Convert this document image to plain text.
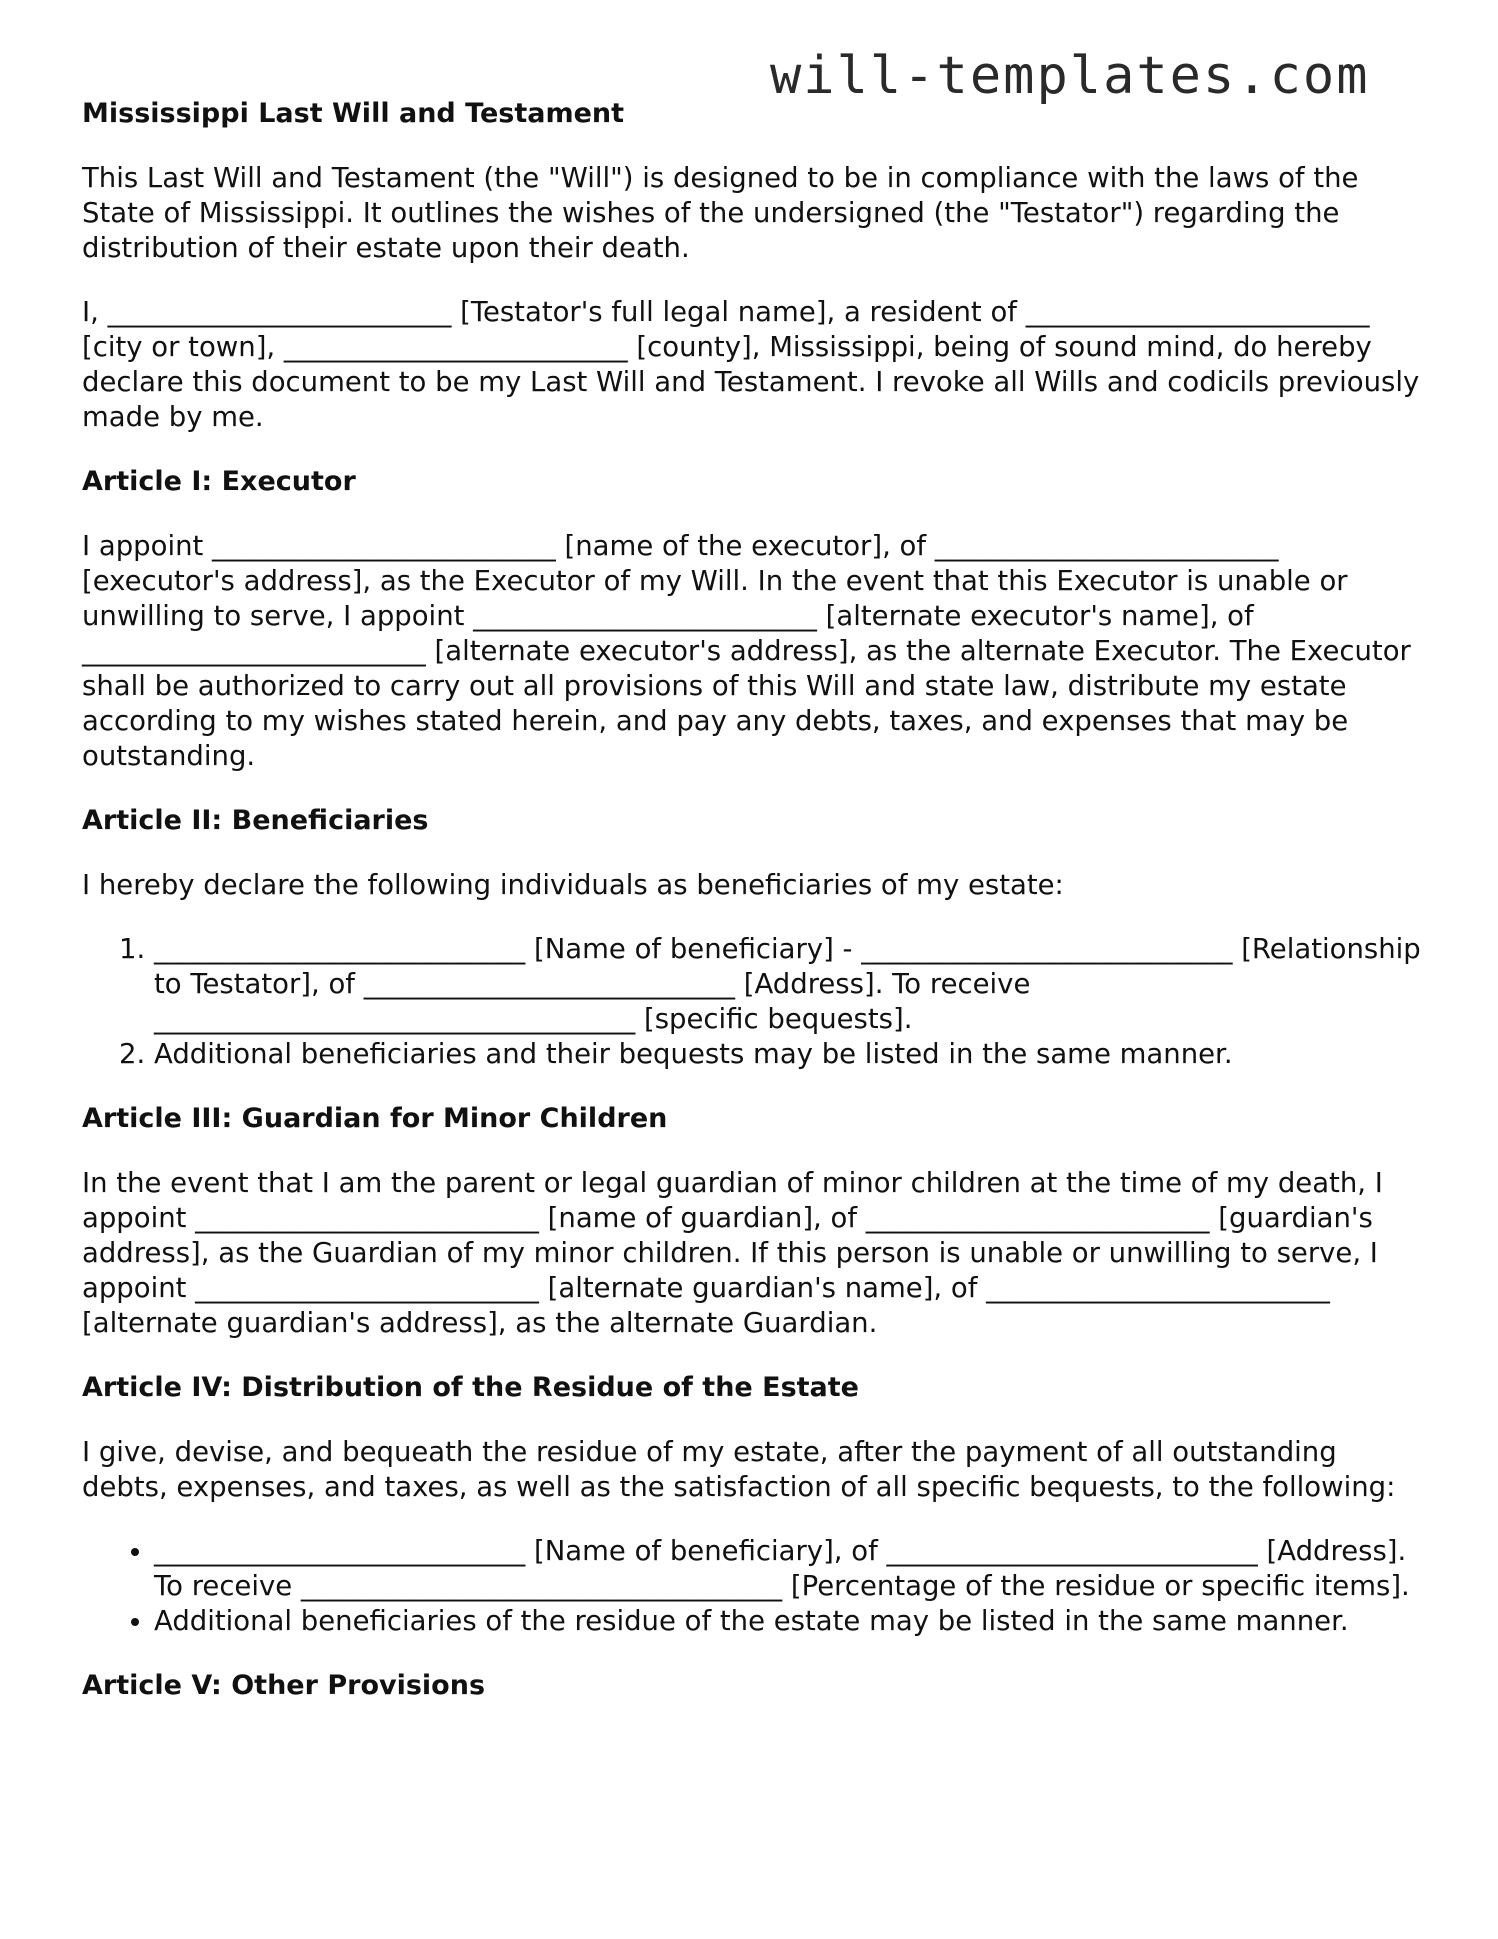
will-templates.com
Mississippi Last Will and Testament

This Last Will and Testament (the "Will") is designed to be in compliance with the laws of the State of Mississippi. It outlines the wishes of the undersigned (the "Testator") regarding the distribution of their estate upon their death.

I, _________________________ [Testator's full legal name], a resident of _________________________ [city or town], _________________________ [county], Mississippi, being of sound mind, do hereby declare this document to be my Last Will and Testament. I revoke all Wills and codicils previously made by me.

Article I: Executor

I appoint _________________________ [name of the executor], of _________________________ [executor's address], as the Executor of my Will. In the event that this Executor is unable or unwilling to serve, I appoint _________________________ [alternate executor's name], of _________________________ [alternate executor's address], as the alternate Executor. The Executor shall be authorized to carry out all provisions of this Will and state law, distribute my estate according to my wishes stated herein, and pay any debts, taxes, and expenses that may be outstanding.

Article II: Beneficiaries

I hereby declare the following individuals as beneficiaries of my estate:

1. ___________________________ [Name of beneficiary] - ___________________________ [Relationship to Testator], of ___________________________ [Address]. To receive ___________________________________ [specific bequests].
2. Additional beneficiaries and their bequests may be listed in the same manner.
Article III: Guardian for Minor Children

In the event that I am the parent or legal guardian of minor children at the time of my death, I appoint _________________________ [name of guardian], of _________________________ [guardian's address], as the Guardian of my minor children. If this person is unable or unwilling to serve, I appoint _________________________ [alternate guardian's name], of _________________________ [alternate guardian's address], as the alternate Guardian.

Article IV: Distribution of the Residue of the Estate

I give, devise, and bequeath the residue of my estate, after the payment of all outstanding debts, expenses, and taxes, as well as the satisfaction of all specific bequests, to the following:

• ___________________________ [Name of beneficiary], of ___________________________ [Address]. To receive ___________________________________ [Percentage of the residue or specific items].
• Additional beneficiaries of the residue of the estate may be listed in the same manner.
Article V: Other Provisions
